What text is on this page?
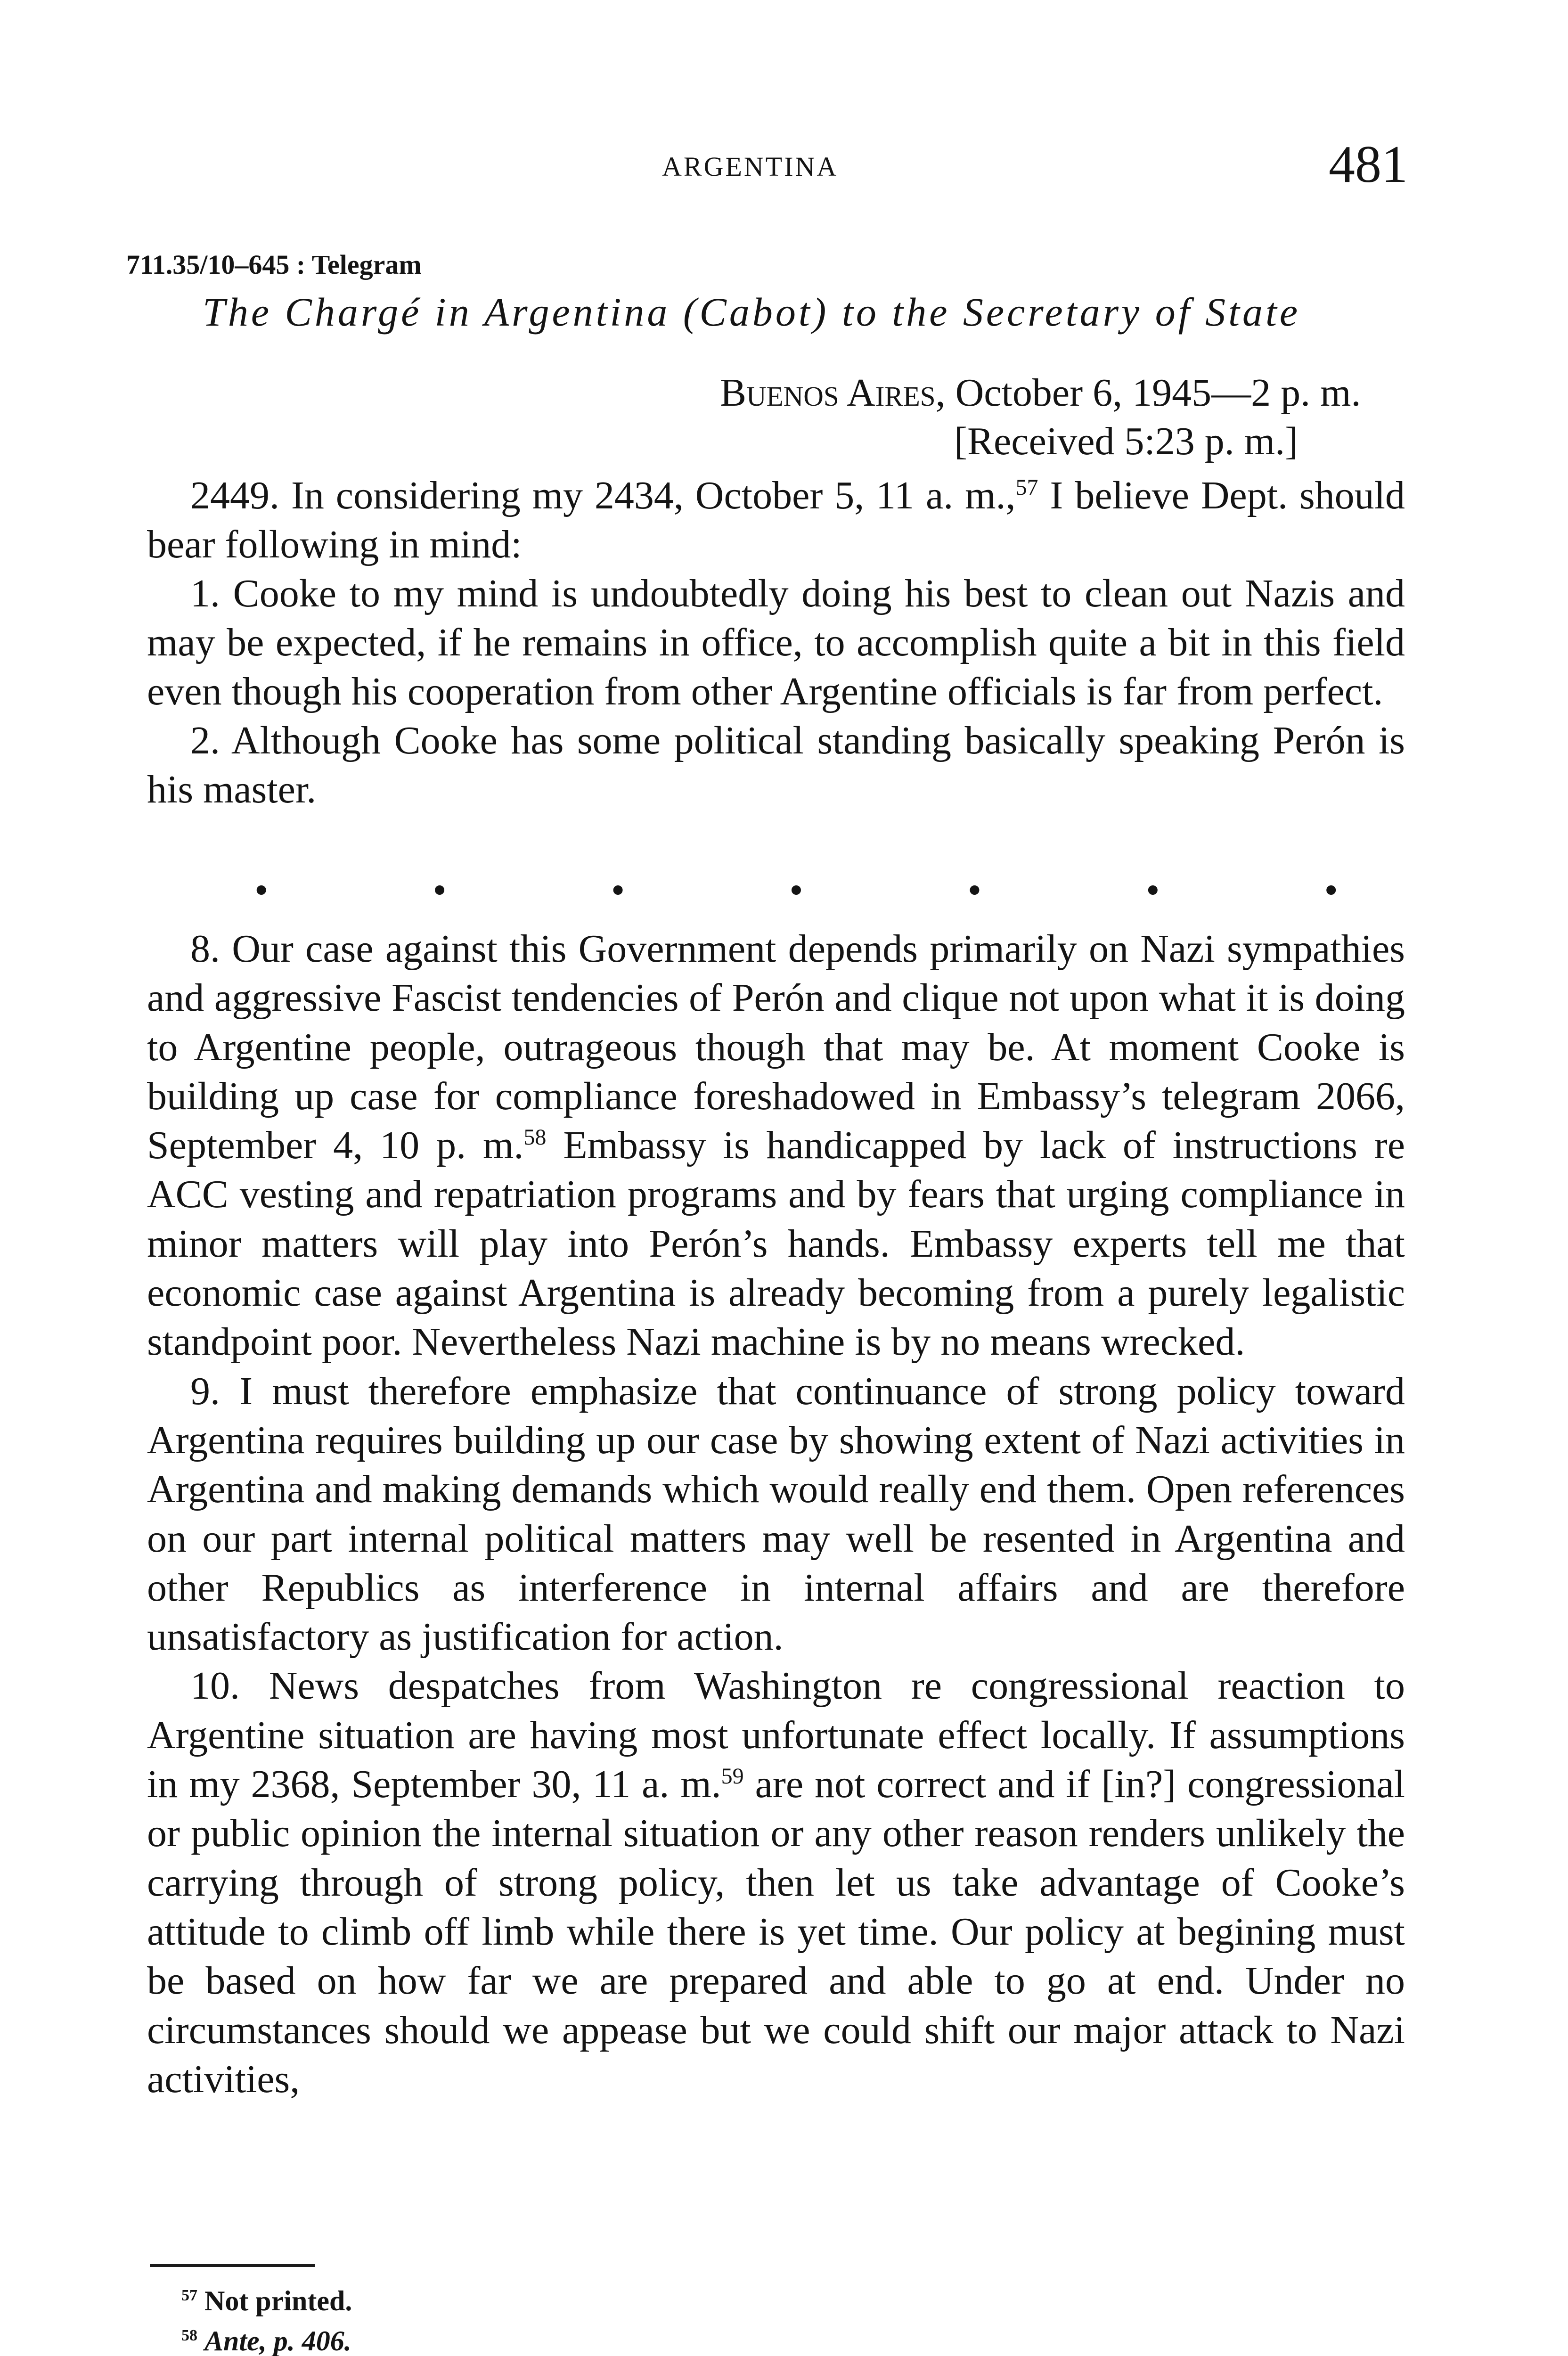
ARGENTINA	481
711.35/10–645 : Telegram
The Chargé in Argentina (Cabot) to the Secretary of State
Buenos Aires, October 6, 1945—2 p. m.
[Received 5:23 p. m.]

2449. In considering my 2434, October 5, 11 a. m.,$^{57}$ I believe Dept. should bear following in mind:

1. Cooke to my mind is undoubtedly doing his best to clean out Nazis and may be expected, if he remains in office, to accomplish quite a bit in this field even though his cooperation from other Argentine officials is far from perfect.

2. Although Cooke has some political standing basically speaking Perón is his master.

•	•	•	•	•	•	•

8. Our case against this Government depends primarily on Nazi sympathies and aggressive Fascist tendencies of Perón and clique not upon what it is doing to Argentine people, outrageous though that may be. At moment Cooke is building up case for compliance foreshadowed in Embassy’s telegram 2066, September 4, 10 p. m.$^{58}$ Embassy is handicapped by lack of instructions re ACC vesting and repatriation programs and by fears that urging compliance in minor matters will play into Perón’s hands. Embassy experts tell me that economic case against Argentina is already becoming from a purely legalistic standpoint poor. Nevertheless Nazi machine is by no means wrecked.

9. I must therefore emphasize that continuance of strong policy toward Argentina requires building up our case by showing extent of Nazi activities in Argentina and making demands which would really end them. Open references on our part internal political matters may well be resented in Argentina and other Republics as interference in internal affairs and are therefore unsatisfactory as justification for action.

10. News despatches from Washington re congressional reaction to Argentine situation are having most unfortunate effect locally. If assumptions in my 2368, September 30, 11 a. m.$^{59}$ are not correct and if [in?] congressional or public opinion the internal situation or any other reason renders unlikely the carrying through of strong policy, then let us take advantage of Cooke’s attitude to climb off limb while there is yet time. Our policy at begining must be based on how far we are prepared and able to go at end. Under no circumstances should we appease but we could shift our major attack to Nazi activities,

$^{57}$ Not printed.
$^{58}$ Ante, p. 406.
